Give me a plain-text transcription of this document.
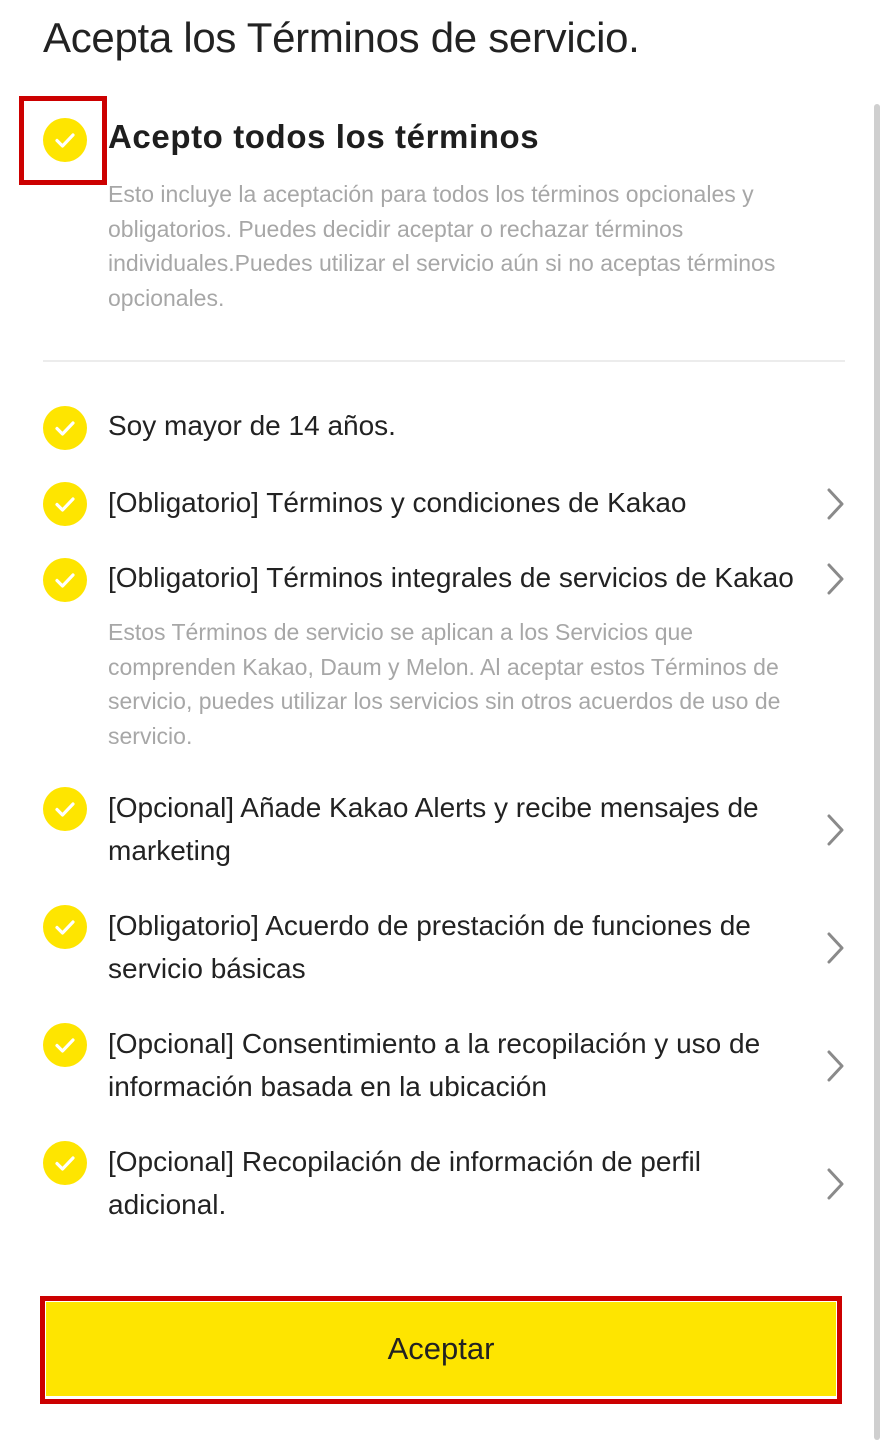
Acepta los Términos de servicio.
Acepto todos los términos
Esto incluye la aceptación para todos los términos opcionales y obligatorios. Puedes decidir aceptar o rechazar términos individuales.Puedes utilizar el servicio aún si no aceptas términos opcionales.
Soy mayor de 14 años.
[Obligatorio] Términos y condiciones de Kakao
[Obligatorio] Términos integrales de servicios de Kakao
Estos Términos de servicio se aplican a los Servicios que comprenden Kakao, Daum y Melon. Al aceptar estos Términos de servicio, puedes utilizar los servicios sin otros acuerdos de uso de servicio.
[Opcional] Añade Kakao Alerts y recibe mensajes de marketing
[Obligatorio] Acuerdo de prestación de funciones de servicio básicas
[Opcional] Consentimiento a la recopilación y uso de información basada en la ubicación
[Opcional] Recopilación de información de perfil adicional.
Aceptar
